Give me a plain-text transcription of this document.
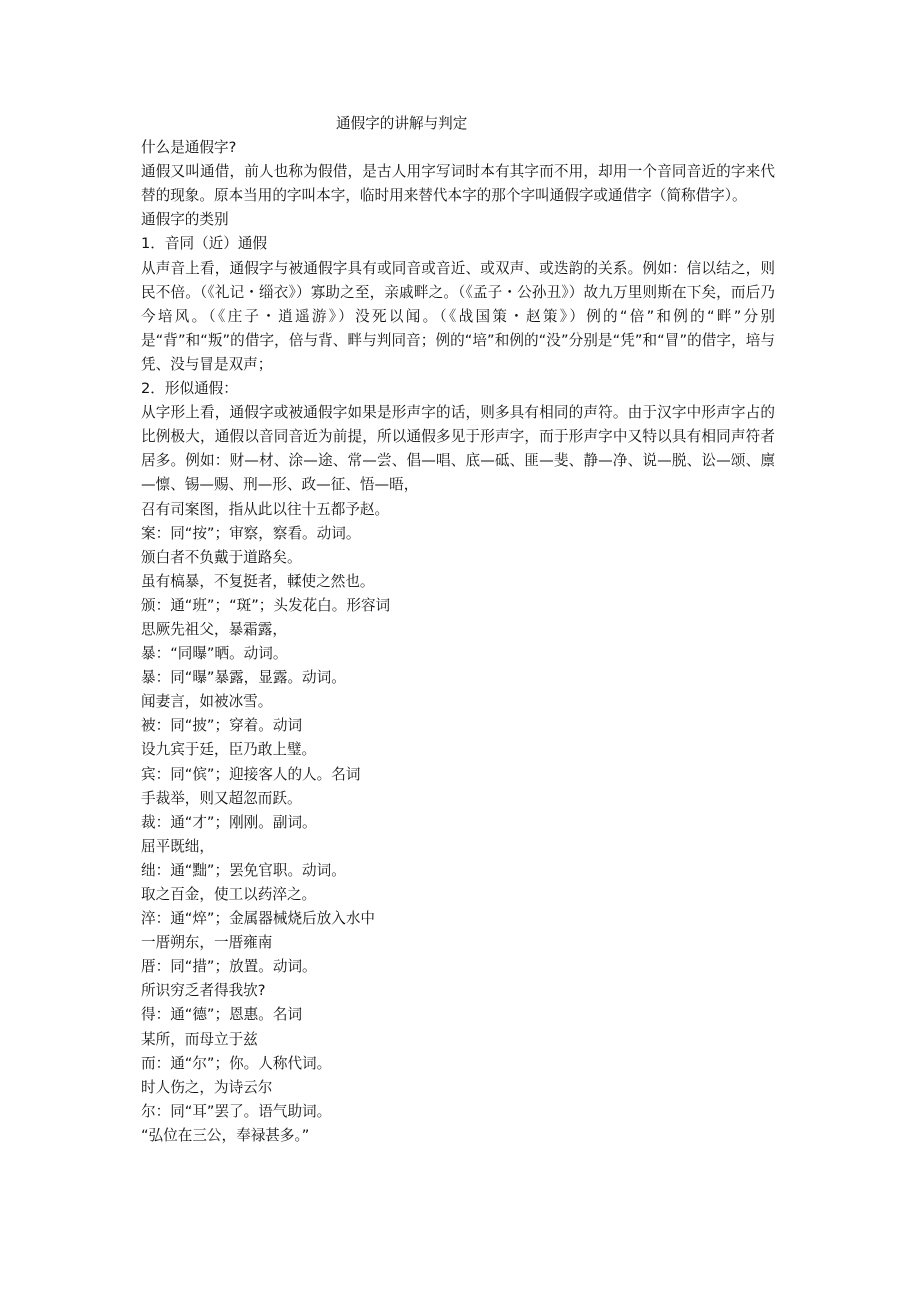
通假字的讲解与判定

什么是通假字?

通假又叫通借，前人也称为假借，是古人用字写词时本有其字而不用，却用一个音同音近的字来代替的现象。原本当用的字叫本字，临时用来替代本字的那个字叫通假字或通借字（简称借字）。

通假字的类别

1．音同（近）通假

从声音上看，通假字与被通假字具有或同音或音近、或双声、或迭韵的关系。例如：信以结之，则民不倍。（《礼记・缁衣》）寡助之至，亲戚畔之。（《孟子・公孙丑》）故九万里则斯在下矣，而后乃今培风。（《庄子・逍遥游》）没死以闻。（《战国策・赵策》）例的“倍”和例的“畔”分别是“背”和“叛”的借字，倍与背、畔与判同音；例的“培”和例的“没”分别是“凭”和“冒”的借字，培与凭、没与冒是双声；

2．形似通假：

从字形上看，通假字或被通假字如果是形声字的话，则多具有相同的声符。由于汉字中形声字占的比例极大，通假以音同音近为前提，所以通假多见于形声字，而于形声字中又特以具有相同声符者居多。例如：财—材、涂—途、常—尝、倡—唱、底—砥、匪—斐、静—净、说—脱、讼—颂、廪—懔、锡—赐、刑—形、政—征、悟—晤，

召有司案图，指从此以往十五都予赵。

案：同“按”；审察，察看。动词。

颁白者不负戴于道路矣。

虽有槁暴，不复挺者，輮使之然也。

颁：通“班”；“斑”；头发花白。形容词

思厥先祖父，暴霜露，

暴：“同曝”晒。动词。

暴：同“曝”暴露，显露。动词。

闻妻言，如被冰雪。

被：同“披”；穿着。动词

设九宾于廷，臣乃敢上璧。

宾：同“傧”；迎接客人的人。名词

手裁举，则又超忽而跃。

裁：通“才”；刚刚。副词。

屈平既绌，

绌：通“黜”；罢免官职。动词。

取之百金，使工以药淬之。

淬：通“焠”；金属器械烧后放入水中

一厝朔东，一厝雍南

厝：同“措”；放置。动词。

所识穷乏者得我欤?

得：通“德”；恩惠。名词

某所，而母立于兹

而：通“尔”；你。人称代词。

时人伤之，为诗云尔

尔：同“耳”罢了。语气助词。

“弘位在三公，奉禄甚多。”
